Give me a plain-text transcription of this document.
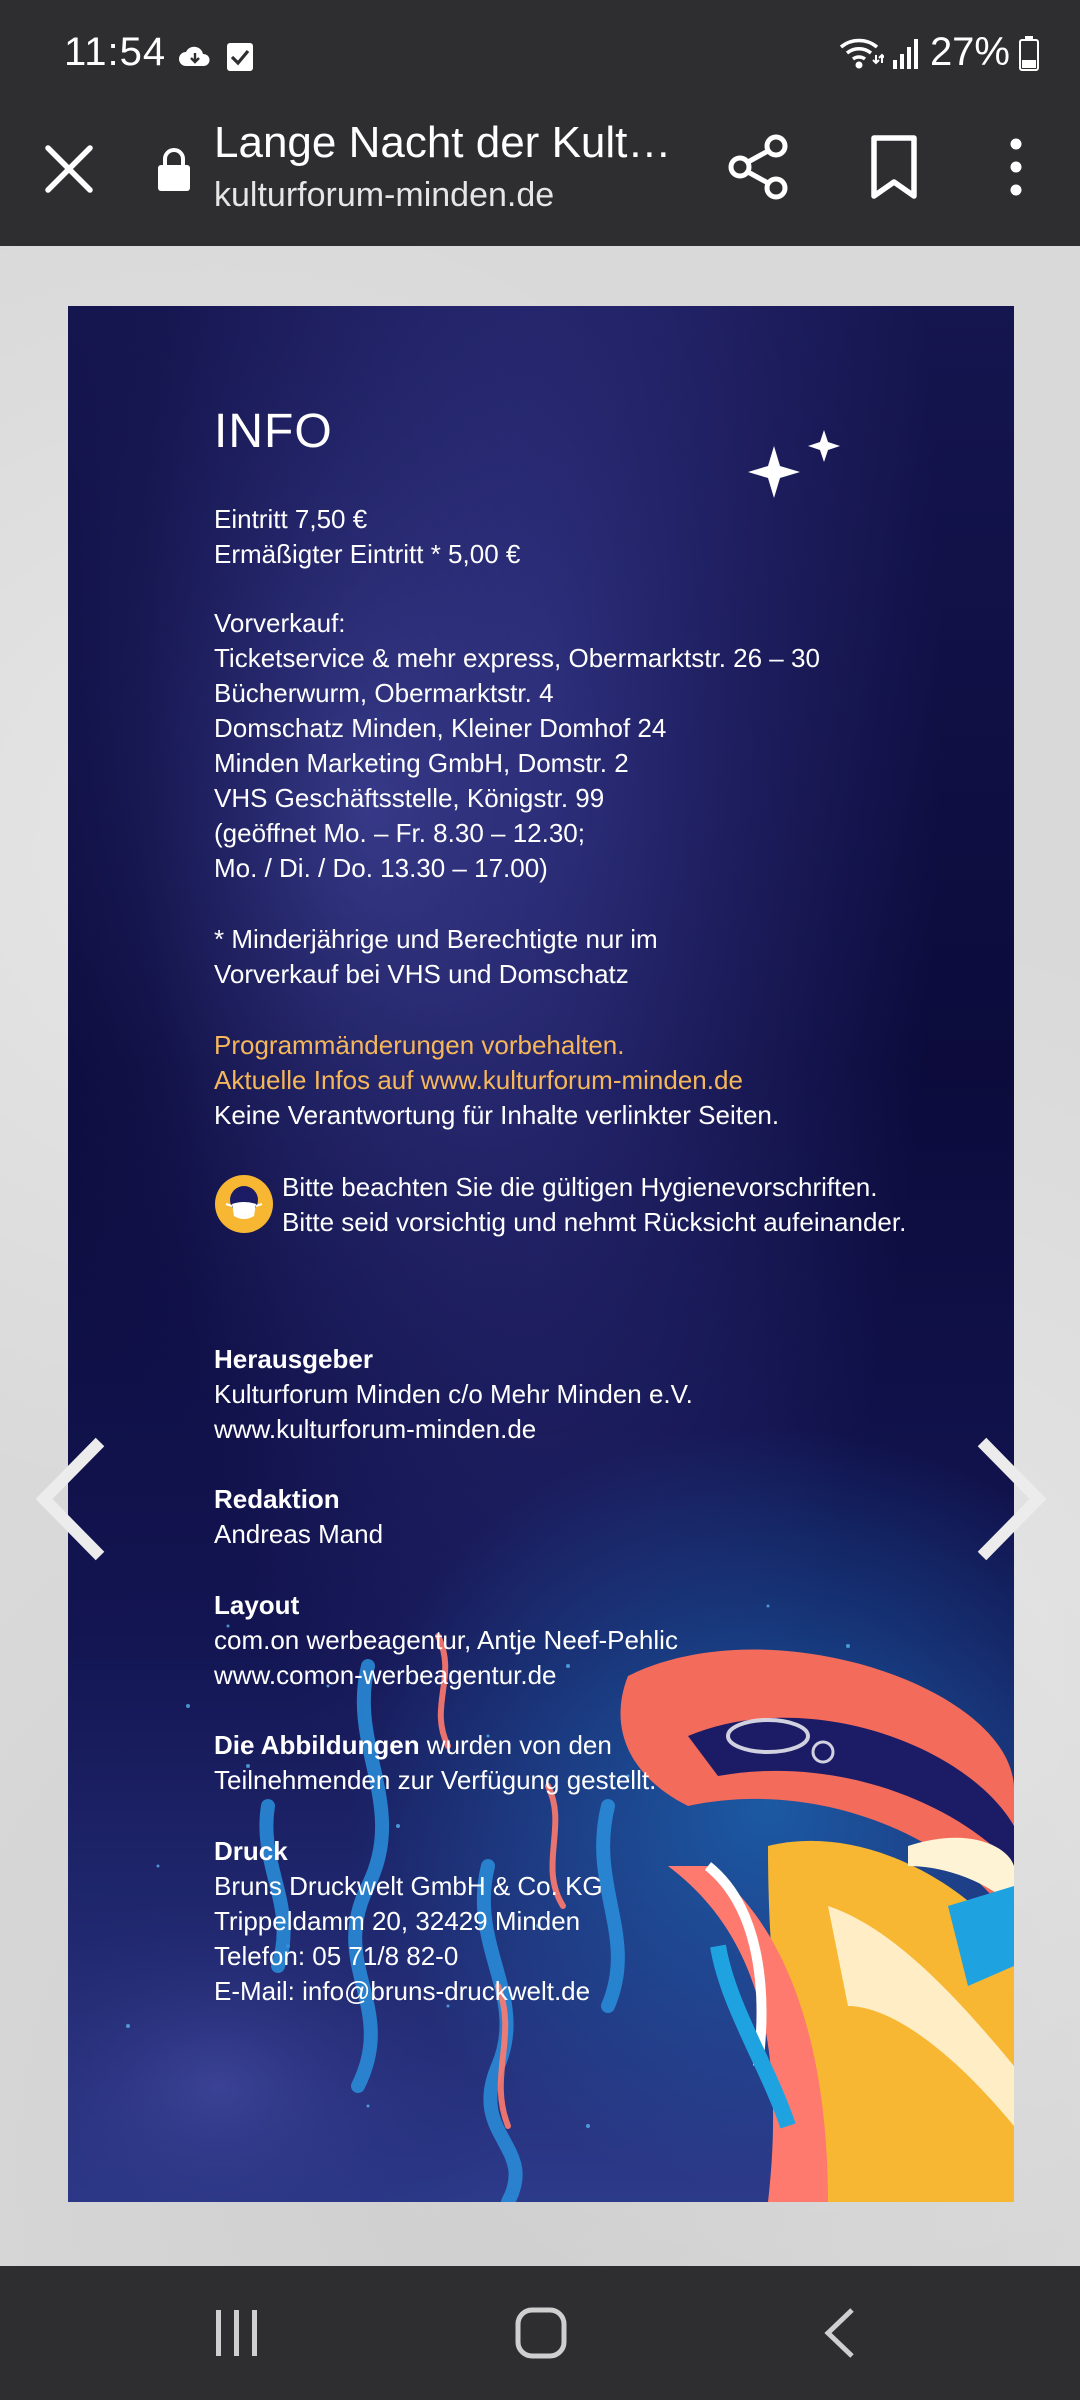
11:54	27%
Lange Nacht der Kult…
kulturforum-minden.de
INFO
Eintritt 7,50 €
Ermäßigter Eintritt * 5,00 €
Vorverkauf:
Ticketservice & mehr express, Obermarktstr. 26 – 30
Bücherwurm, Obermarktstr. 4
Domschatz Minden, Kleiner Domhof 24
Minden Marketing GmbH, Domstr. 2
VHS Geschäftsstelle, Königstr. 99
(geöffnet Mo. – Fr. 8.30 – 12.30;
Mo. / Di. / Do. 13.30 – 17.00)
* Minderjährige und Berechtigte nur im
Vorverkauf bei VHS und Domschatz
Programmänderungen vorbehalten.
Aktuelle Infos auf www.kulturforum-minden.de
Keine Verantwortung für Inhalte verlinkter Seiten.
Herausgeber
Kulturforum Minden c/o Mehr Minden e.V.
www.kulturforum-minden.de
Redaktion
Andreas Mand
Layout
com.on werbeagentur, Antje Neef-Pehlic
www.comon-werbeagentur.de
Die Abbildungen wurden von den
Teilnehmenden zur Verfügung gestellt.
Druck
Bruns Druckwelt GmbH & Co. KG
Trippeldamm 20, 32429 Minden
Telefon: 05 71/8 82-0
E-Mail: info@bruns-druckwelt.de
Bitte beachten Sie die gültigen Hygienevorschriften.
Bitte seid vorsichtig und nehmt Rücksicht aufeinander.
